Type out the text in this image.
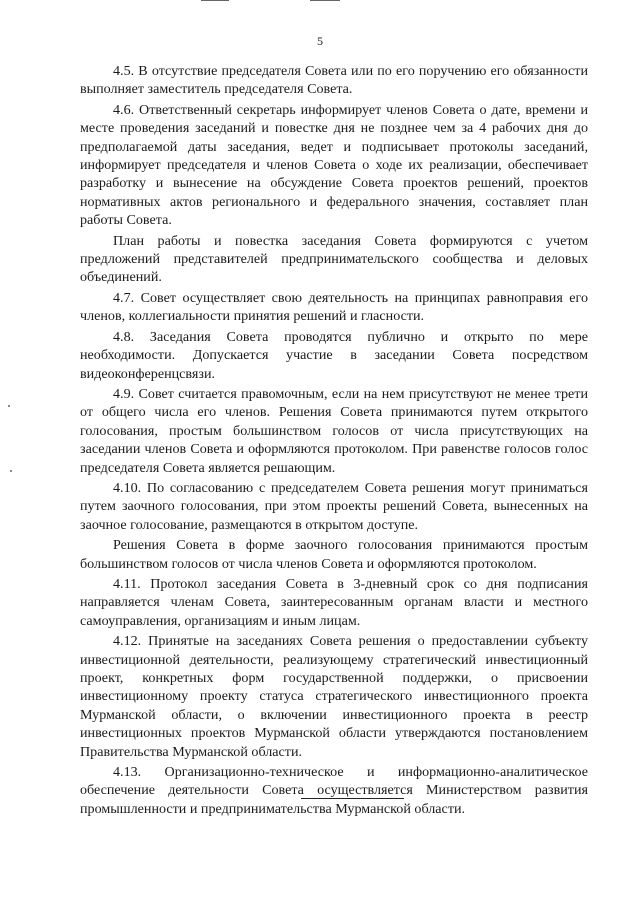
5

4.5. В отсутствие председателя Совета или по его поручению его обязанности выполняет заместитель председателя Совета.

4.6. Ответственный секретарь информирует членов Совета о дате, времени и месте проведения заседаний и повестке дня не позднее чем за 4 рабочих дня до предполагаемой даты заседания, ведет и подписывает протоколы заседаний, информирует председателя и членов Совета о ходе их реализации, обеспечивает разработку и вынесение на обсуждение Совета проектов решений, проектов нормативных актов регионального и федерального значения, составляет план работы Совета.

План работы и повестка заседания Совета формируются с учетом предложений представителей предпринимательского сообщества и деловых объединений.

4.7. Совет осуществляет свою деятельность на принципах равноправия его членов, коллегиальности принятия решений и гласности.

4.8. Заседания Совета проводятся публично и открыто по мере необходимости. Допускается участие в заседании Совета посредством видеоконференцсвязи.

4.9. Совет считается правомочным, если на нем присутствуют не менее трети от общего числа его членов. Решения Совета принимаются путем открытого голосования, простым большинством голосов от числа присутствующих на заседании членов Совета и оформляются протоколом. При равенстве голосов голос председателя Совета является решающим.

4.10. По согласованию с председателем Совета решения могут приниматься путем заочного голосования, при этом проекты решений Совета, вынесенных на заочное голосование, размещаются в открытом доступе.

Решения Совета в форме заочного голосования принимаются простым большинством голосов от числа членов Совета и оформляются протоколом.

4.11. Протокол заседания Совета в 3-дневный срок со дня подписания направляется членам Совета, заинтересованным органам власти и местного самоуправления, организациям и иным лицам.

4.12. Принятые на заседаниях Совета решения о предоставлении субъекту инвестиционной деятельности, реализующему стратегический инвестиционный проект, конкретных форм государственной поддержки, о присвоении инвестиционному проекту статуса стратегического инвестиционного проекта Мурманской области, о включении инвестиционного проекта в реестр инвестиционных проектов Мурманской области утверждаются постановлением Правительства Мурманской области.

4.13. Организационно-техническое и информационно-аналитическое обеспечение деятельности Совета осуществляется Министерством развития промышленности и предпринимательства Мурманской области.
